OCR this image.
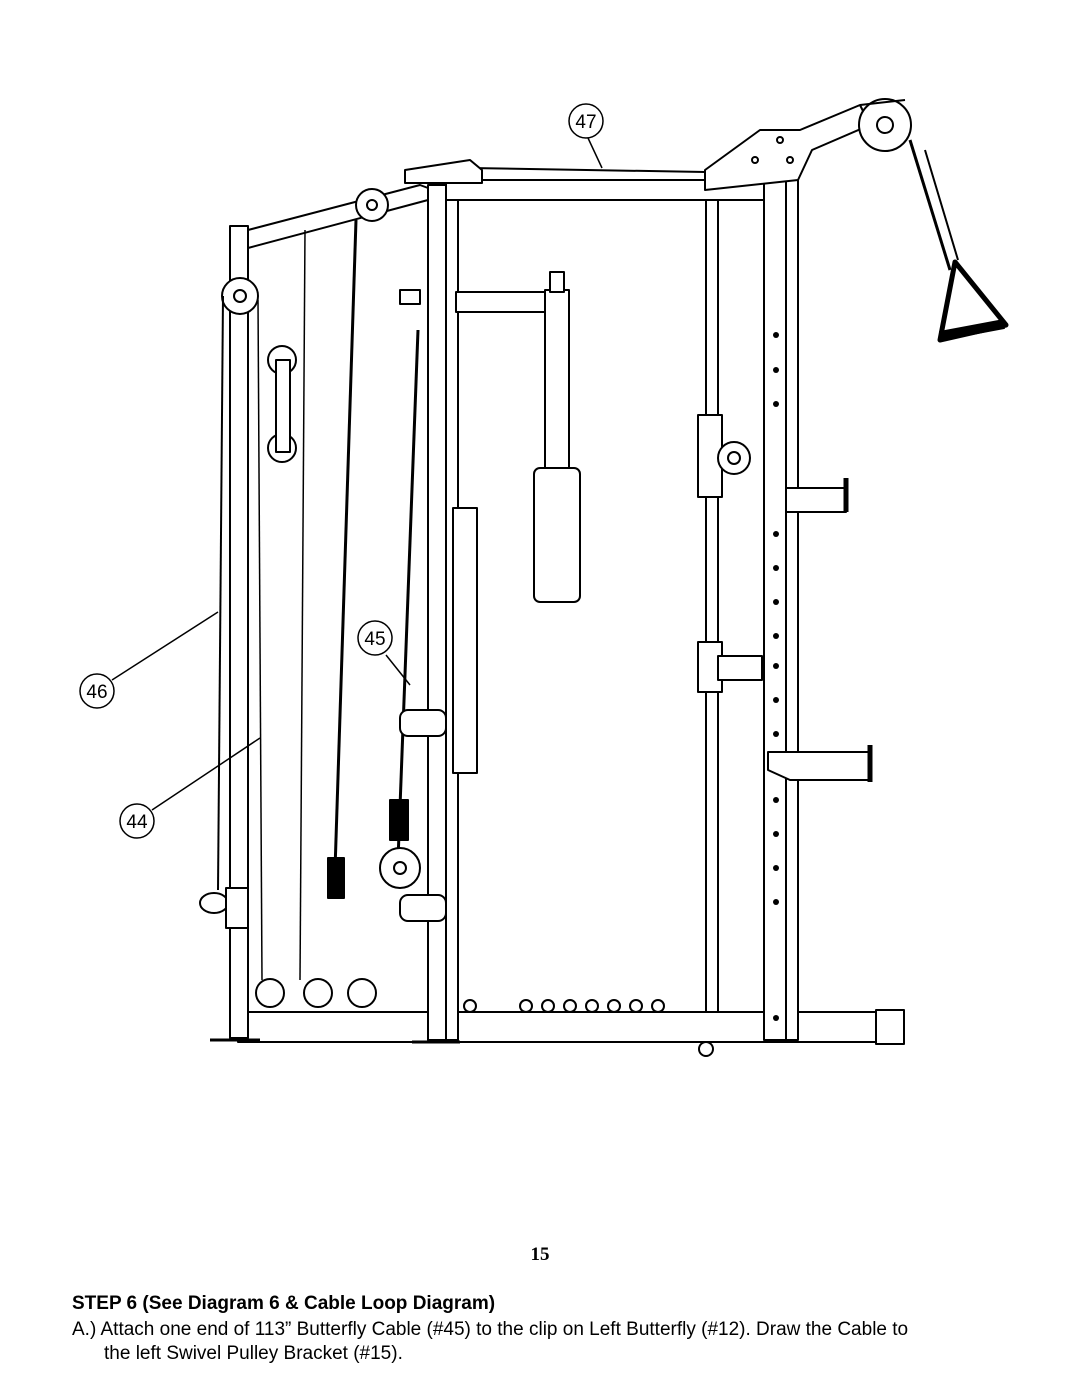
47
46
45
44
15
STEP 6 (See Diagram 6 & Cable Loop Diagram)
A.) Attach one end of 113” Butterfly Cable (#45) to the clip on Left Butterfly (#12). Draw the Cable to
the left Swivel Pulley Bracket (#15).
